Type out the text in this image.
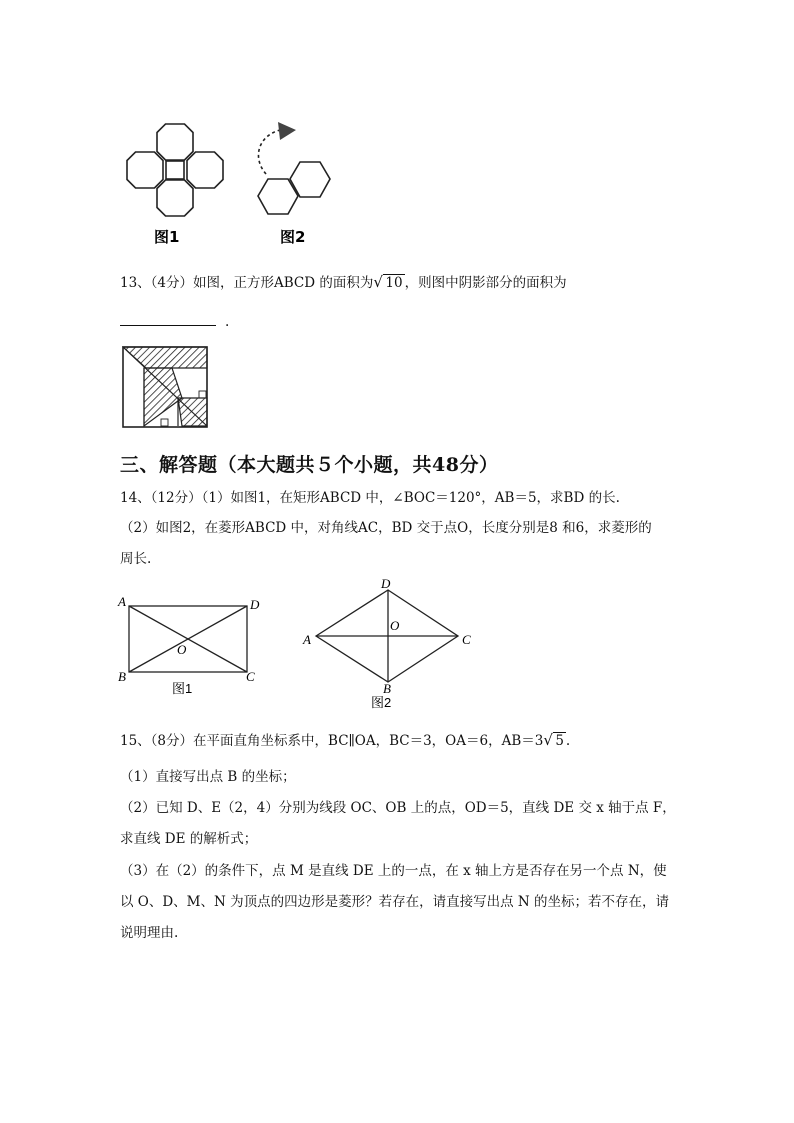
图1	图2
13、（4分）如图，正方形ABCD 的面积为 √ 10 ，则图中阴影部分的面积为
.
三、解答题（本大题共５个小题，共48分）
14、（12分）（1）如图1，在矩形ABCD 中，∠BOC＝120°，AB＝5，求BD 的长.
（2）如图2，在菱形ABCD 中，对角线AC，BD 交于点O，长度分别是8 和6，求菱形的
周长.
A	D
B	C
O
图1
D
A	C
O
B
图2
15、（8分）在平面直角坐标系中，BC∥OA，BC＝3，OA＝6，AB＝3 √ 5 .
（1）直接写出点 B 的坐标；
（2）已知 D、E（2，4）分别为线段 OC、OB 上的点，OD＝5，直线 DE 交 x 轴于点 F，
求直线 DE 的解析式；
（3）在（2）的条件下，点 M 是直线 DE 上的一点，在 x 轴上方是否存在另一个点 N，使
以 O、D、M、N 为顶点的四边形是菱形？若存在，请直接写出点 N 的坐标；若不存在，请
说明理由.
